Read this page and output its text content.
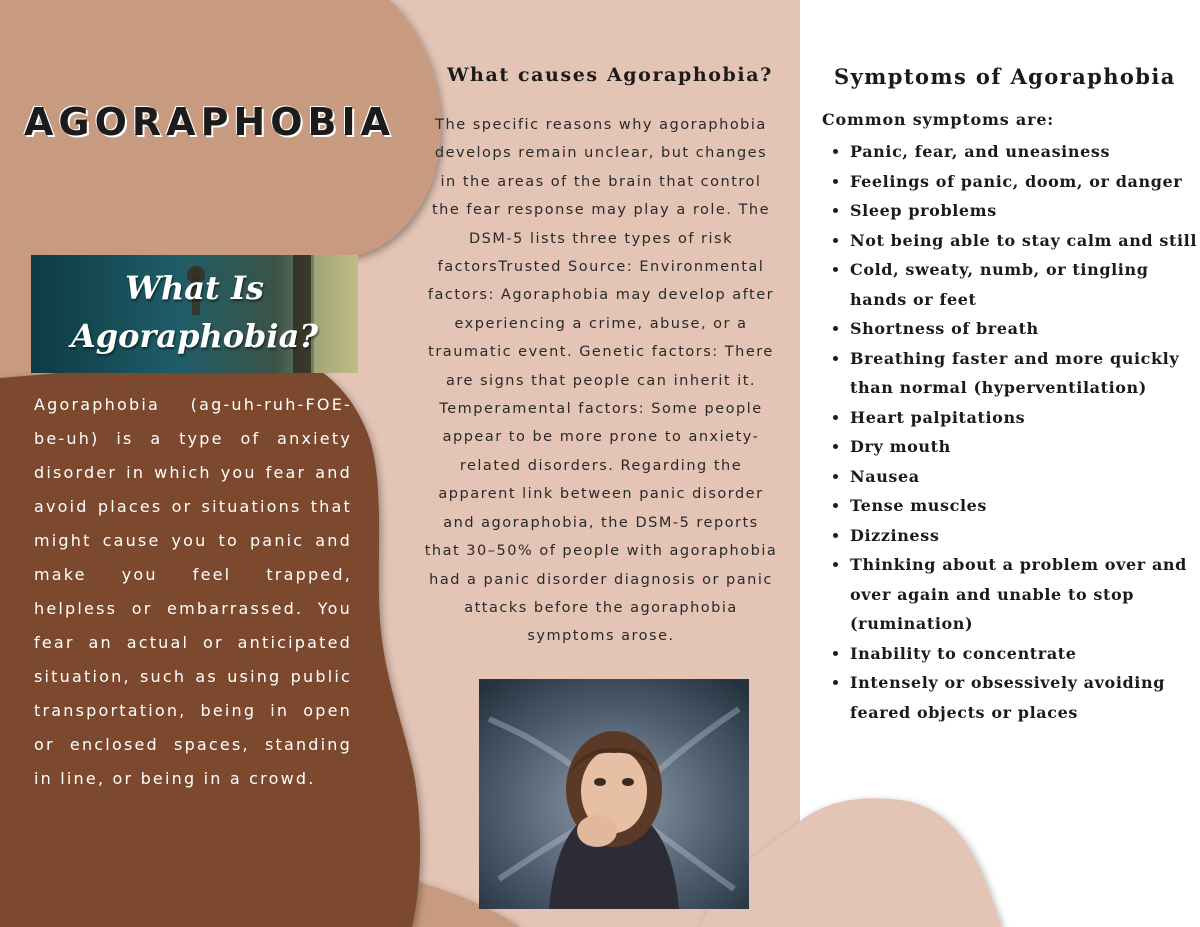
AGORAPHOBIA
What Is
Agoraphobia?
Agoraphobia (ag-uh-ruh-FOE-be-uh) is a type of anxiety disorder in which you fear and avoid places or situations that might cause you to panic and make you feel trapped, helpless or embarrassed. You fear an actual or anticipated situation, such as using public transportation, being in open or enclosed spaces, standing in line, or being in a crowd.
What causes Agoraphobia?
The specific reasons why agoraphobia develops remain unclear, but changes in the areas of the brain that control the fear response may play a role. The DSM-5 lists three types of risk factorsTrusted Source: Environmental factors: Agoraphobia may develop after experiencing a crime, abuse, or a traumatic event. Genetic factors: There are signs that people can inherit it. Temperamental factors: Some people appear to be more prone to anxiety-related disorders. Regarding the apparent link between panic disorder and agoraphobia, the DSM-5 reports that 30–50% of people with agoraphobia had a panic disorder diagnosis or panic attacks before the agoraphobia symptoms arose.
Symptoms of Agoraphobia
Common symptoms are:
• Panic, fear, and uneasiness
• Feelings of panic, doom, or danger
• Sleep problems
• Not being able to stay calm and still
• Cold, sweaty, numb, or tingling hands or feet
• Shortness of breath
• Breathing faster and more quickly than normal (hyperventilation)
• Heart palpitations
• Dry mouth
• Nausea
• Tense muscles
• Dizziness
• Thinking about a problem over and over again and unable to stop (rumination)
• Inability to concentrate
• Intensely or obsessively avoiding feared objects or places
